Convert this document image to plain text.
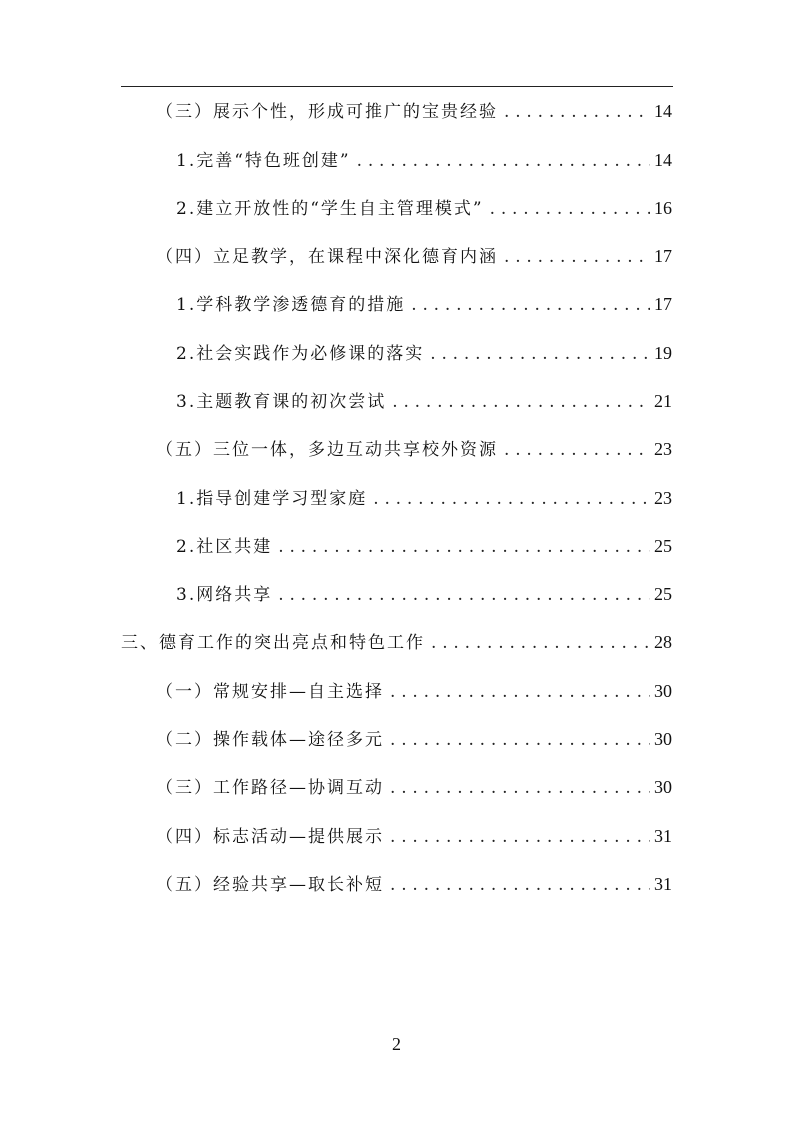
（三）展示个性，形成可推广的宝贵经验 . . .	14
1.完善“特色班创建” . . .	14
2.建立开放性的“学生自主管理模式” . . .	16
（四）立足教学，在课程中深化德育内涵 . . .	17
1.学科教学渗透德育的措施 . . .	17
2.社会实践作为必修课的落实 . . .	19
3.主题教育课的初次尝试 . . .	21
（五）三位一体，多边互动共享校外资源 . . .	23
1.指导创建学习型家庭 . . .	23
2.社区共建 . . .	25
3.网络共享 . . .	25
三、德育工作的突出亮点和特色工作 . . .	28
（一）常规安排—自主选择 . . .	30
（二）操作载体—途径多元 . . .	30
（三）工作路径—协调互动 . . .	30
（四）标志活动—提供展示 . . .	31
（五）经验共享—取长补短 . . .	31
2
